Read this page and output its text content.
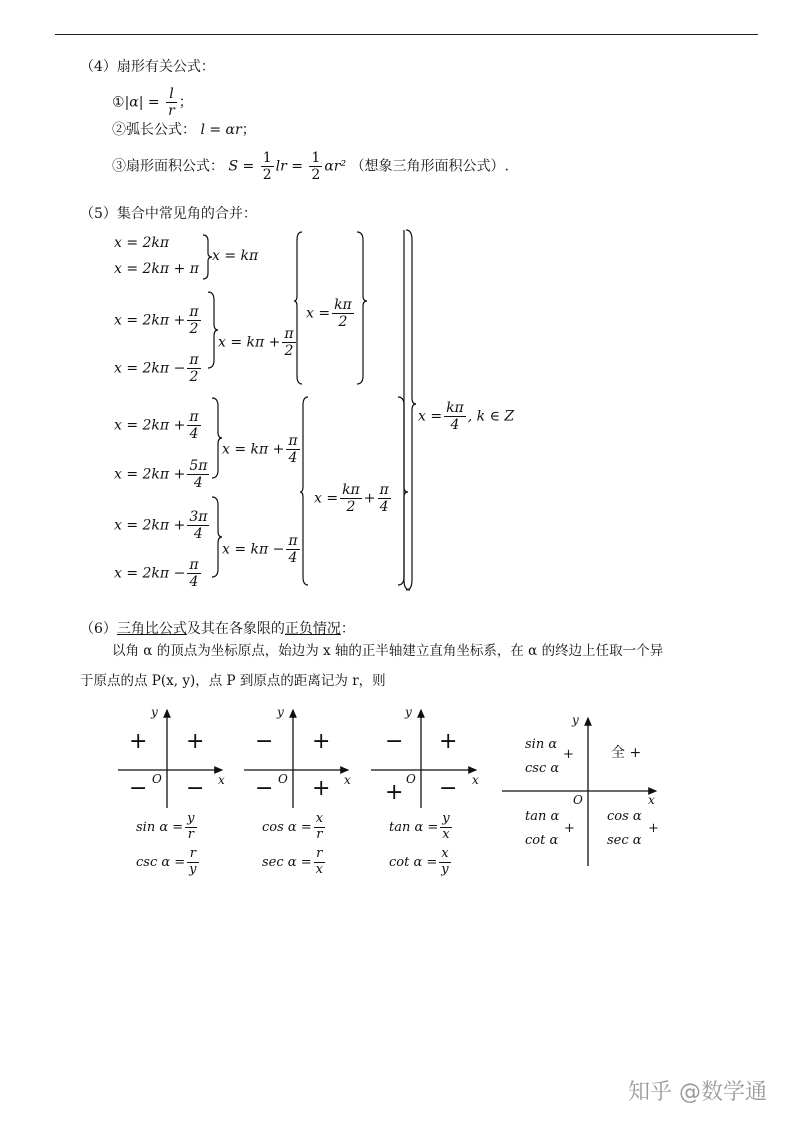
（4）扇形有关公式：
①|α| = $\frac{l}{r}$ ；
②弧长公式： l = αr；
③扇形面积公式： $S = \frac{1}{2}$ lr = $\frac{1}{2} \alpha r^2$ （想象三角形面积公式）.
（5）集合中常见角的合并：
x = 2kπ
x = 2kπ + π
x = kπ
$x = 2k\pi + \frac{\pi}{2}$
$x = 2k\pi - \frac{\pi}{2}$
$x = k\pi + \frac{\pi}{2}$
$x = \frac{k\pi}{2}$
$x = 2k\pi + \frac{\pi}{4}$
$x = 2k\pi + \frac{5\pi}{4}$
$x = k\pi + \frac{\pi}{4}$
$x = 2k\pi + \frac{3\pi}{4}$
$x = 2k\pi - \frac{\pi}{4}$
$x = k\pi - \frac{\pi}{4}$
$x = \frac{k\pi}{2} + \frac{\pi}{4}$
$x = \frac{k\pi}{4}$ , k ∈ Z
（6）三角比公式及其在各象限的正负情况：
以角 α 的顶点为坐标原点，始边为 x 轴的正半轴建立直角坐标系，在 α 的终边上任取一个异
于原点的点 P(x, y)，点 P 到原点的距离记为 r，则
y
x
O
+ +
− −
$\sin \alpha = \frac{y}{r}$
$\csc \alpha = \frac{r}{y}$
y
x
O
− +
− +
$\cos \alpha = \frac{x}{r}$
$\sec \alpha = \frac{r}{x}$
y
x
O
− +
+ −
$\tan \alpha = \frac{y}{x}$
$\cot \alpha = \frac{x}{y}$
y
x
O
sin α
csc α
+	全 +
tan α
cot α
+
cos α
sec α
+
知乎 @数学通
